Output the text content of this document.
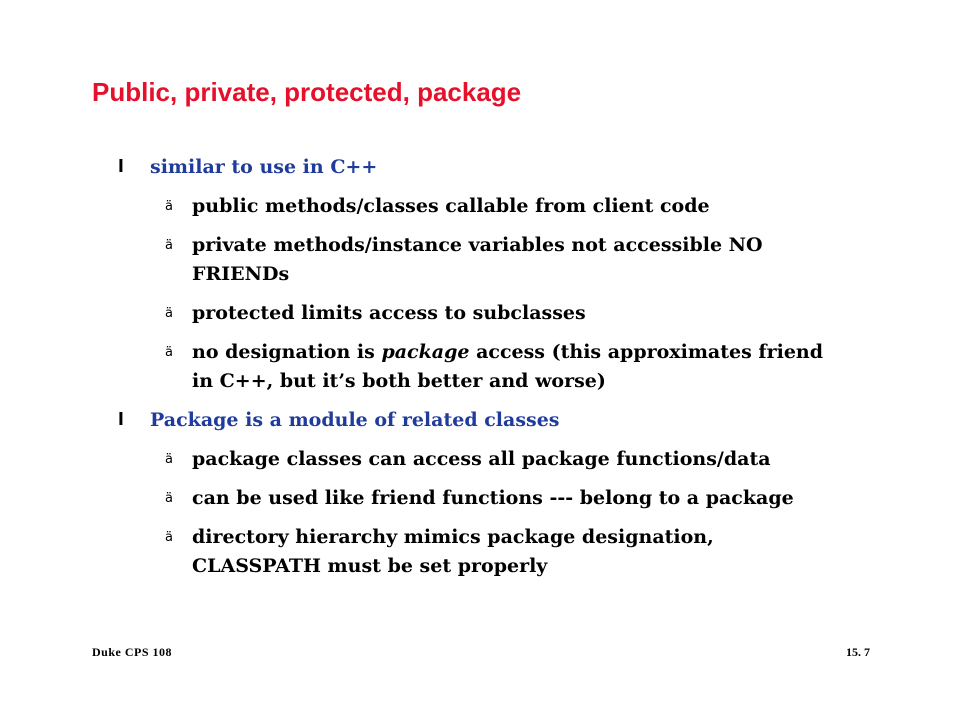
Public, private, protected, package
l similar to use in C++
ä public methods/classes callable from client code
ä private methods/instance variables not accessible NO
FRIENDs
ä protected limits access to subclasses
ä no designation is package access (this approximates friend
in C++, but it’s both better and worse)
l Package is a module of related classes
ä package classes can access all package functions/data
ä can be used like friend functions --- belong to a package
ä directory hierarchy mimics package designation,
CLASSPATH must be set properly
Duke CPS 108	15. 7
